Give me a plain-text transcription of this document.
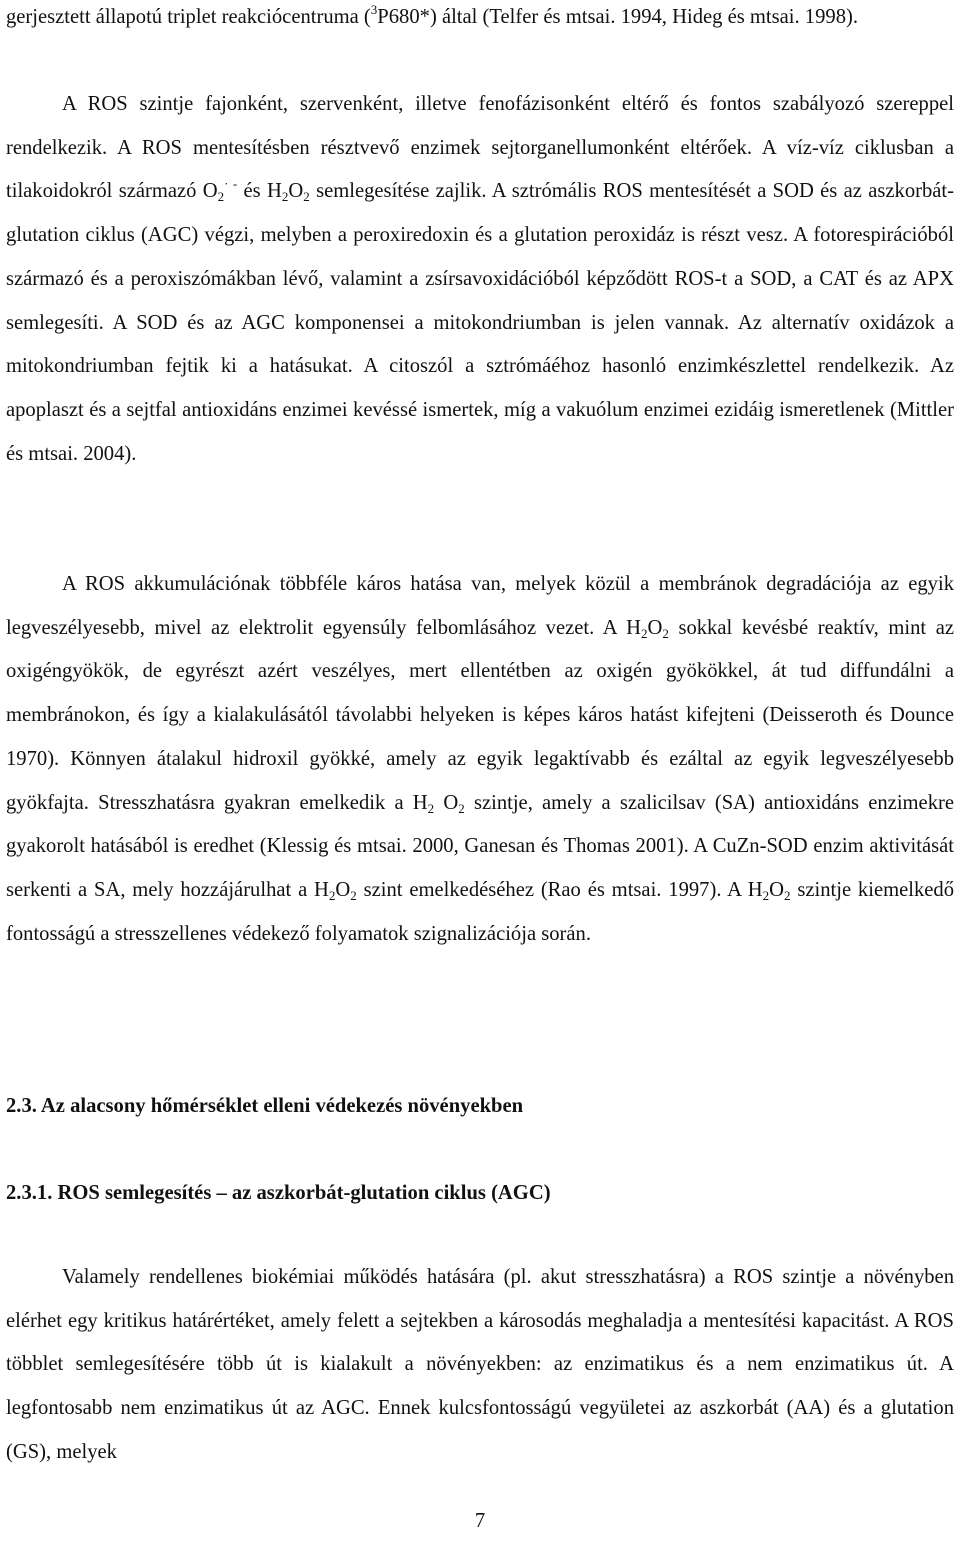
gerjesztett állapotú triplet reakciócentruma ($^3$P680*) által (Telfer és mtsai. 1994, Hideg és mtsai. 1998).

A ROS szintje fajonként, szervenként, illetve fenofázisonként eltérő és fontos szabályozó szereppel rendelkezik. A ROS mentesítésben résztvevő enzimek sejtorganellumonként eltérőek. A víz-víz ciklusban a tilakoidokról származó $O_2^{\cdot -}$ és $H_2O_2$ semlegesítése zajlik. A sztrómális ROS mentesítését a SOD és az aszkorbát-glutation ciklus (AGC) végzi, melyben a peroxiredoxin és a glutation peroxidáz is részt vesz. A fotorespirációból származó és a peroxiszómákban lévő, valamint a zsírsavoxidációból képződött ROS-t a SOD, a CAT és az APX semlegesíti. A SOD és az AGC komponensei a mitokondriumban is jelen vannak. Az alternatív oxidázok a mitokondriumban fejtik ki a hatásukat. A citoszól a sztrómáéhoz hasonló enzimkészlettel rendelkezik. Az apoplaszt és a sejtfal antioxidáns enzimei kevéssé ismertek, míg a vakuólum enzimei ezidáig ismeretlenek (Mittler és mtsai. 2004).

A ROS akkumulációnak többféle káros hatása van, melyek közül a membránok degradációja az egyik legveszélyesebb, mivel az elektrolit egyensúly felbomlásához vezet. A $H_2O_2$ sokkal kevésbé reaktív, mint az oxigéngyökök, de egyrészt azért veszélyes, mert ellentétben az oxigén gyökökkel, át tud diffundálni a membránokon, és így a kialakulásától távolabbi helyeken is képes káros hatást kifejteni (Deisseroth és Dounce 1970). Könnyen átalakul hidroxil gyökké, amely az egyik legaktívabb és ezáltal az egyik legveszélyesebb gyökfajta. Stresszhatásra gyakran emelkedik a $H_2$ $O_2$ szintje, amely a szalicilsav (SA) antioxidáns enzimekre gyakorolt hatásából is eredhet (Klessig és mtsai. 2000, Ganesan és Thomas 2001). A CuZn-SOD enzim aktivitását serkenti a SA, mely hozzájárulhat a $H_2O_2$ szint emelkedéséhez (Rao és mtsai. 1997). A $H_2O_2$ szintje kiemelkedő fontosságú a stresszellenes védekező folyamatok szignalizációja során.

2.3. Az alacsony hőmérséklet elleni védekezés növényekben
2.3.1. ROS semlegesítés – az aszkorbát-glutation ciklus (AGC)

Valamely rendellenes biokémiai működés hatására (pl. akut stresszhatásra) a ROS szintje a növényben elérhet egy kritikus határértéket, amely felett a sejtekben a károsodás meghaladja a mentesítési kapacitást. A ROS többlet semlegesítésére több út is kialakult a növényekben: az enzimatikus és a nem enzimatikus út. A legfontosabb nem enzimatikus út az AGC. Ennek kulcsfontosságú vegyületei az aszkorbát (AA) és a glutation (GS), melyek

7
